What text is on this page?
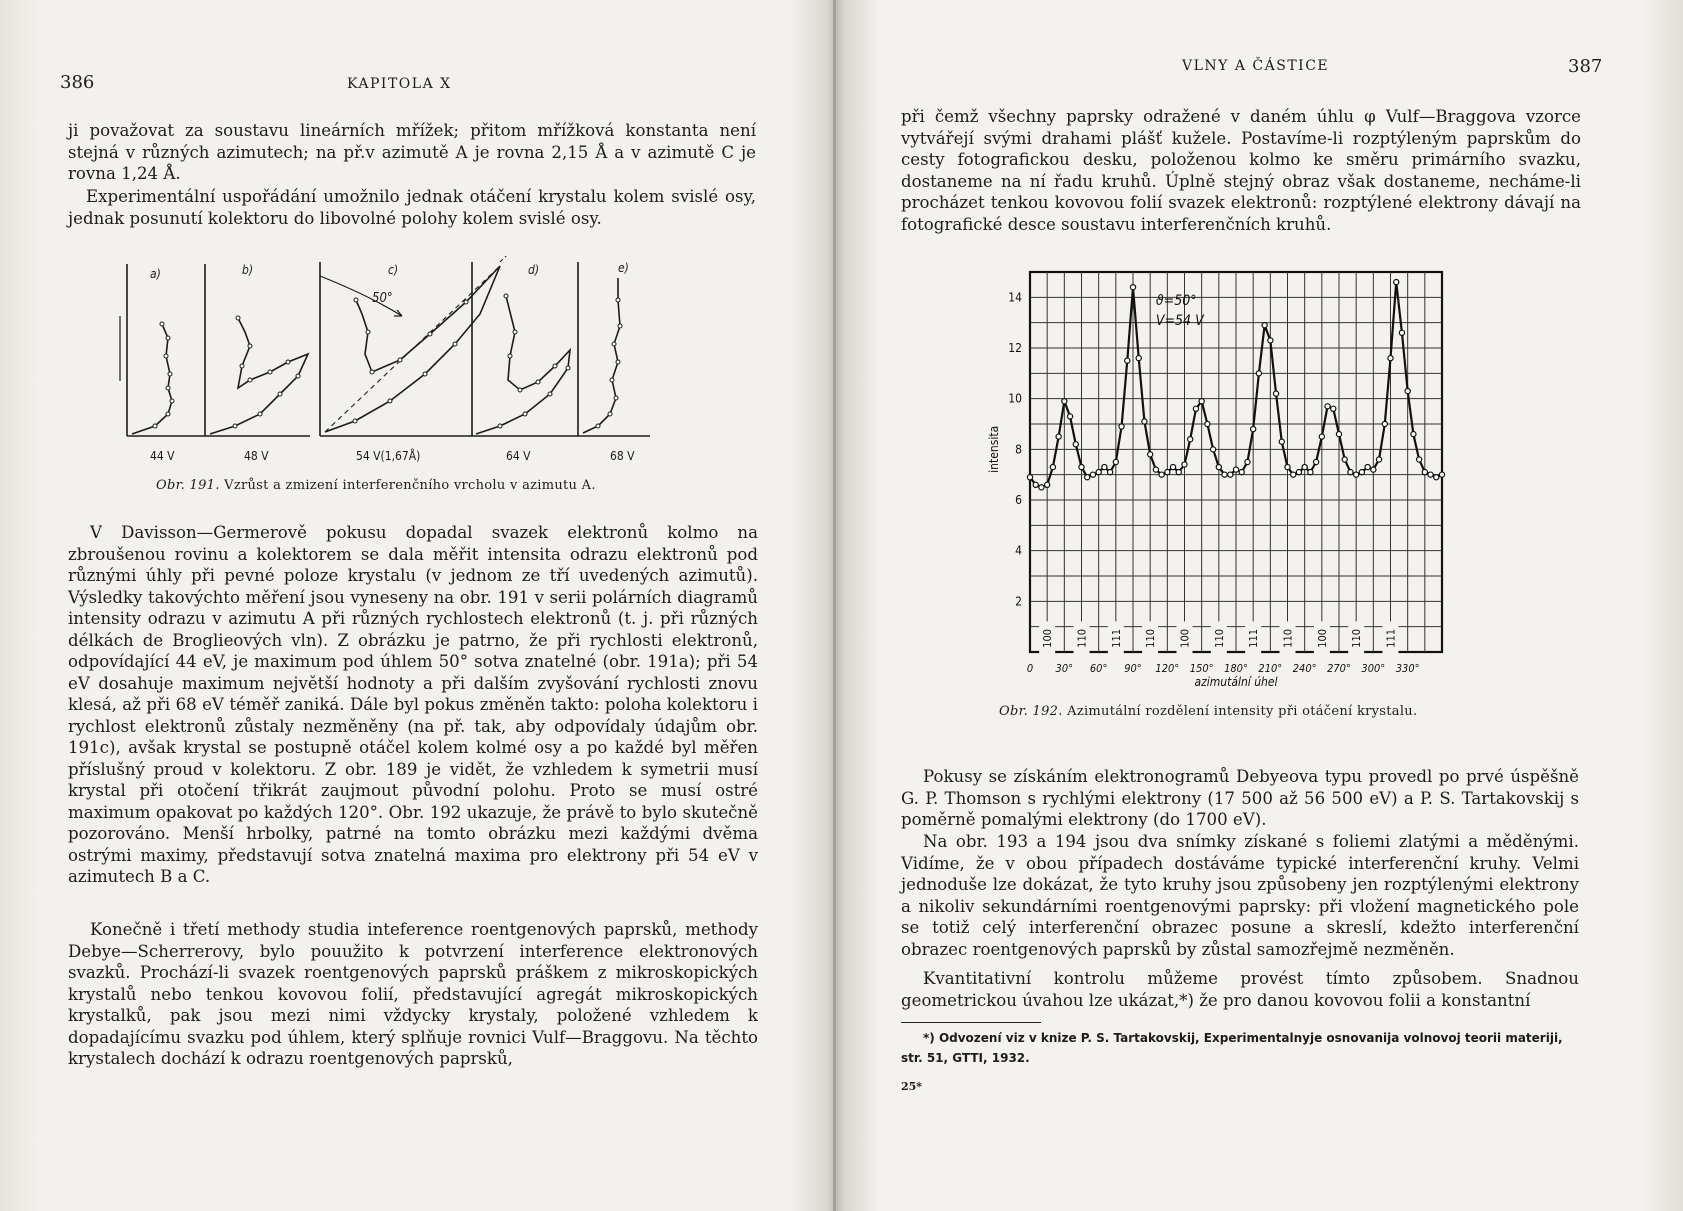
386	KAPITOLA X

ji považovat za soustavu lineárních mřížek; přitom mřížková konstanta není stejná v různých azimutech; na př.v azimutě A je rovna 2,15 Å a v azimutě C je rovna 1,24 Å.

Experimentální uspořádání umožnilo jednak otáčení krystalu kolem svislé osy, jednak posunutí kolektoru do libovolné polohy kolem svislé osy.

a)	b)	c)	d)	e)
50°
44 V	48 V	54 V(1,67Å)	64 V	68 V
Obr. 191. Vzrůst a zmizení interferenčního vrcholu v azimutu A.

V Davisson—Germerově pokusu dopadal svazek elektronů kolmo na zbroušenou rovinu a kolektorem se dala měřit intensita odrazu elektronů pod různými úhly při pevné poloze krystalu (v jednom ze tří uvedených azimutů). Výsledky takovýchto měření jsou vyneseny na obr. 191 v serii polárních diagramů intensity odrazu v azimutu A při různých rychlostech elektronů (t. j. při různých délkách de Broglieových vln). Z obrázku je patrno, že při rychlosti elektronů, odpovídající 44 eV, je maximum pod úhlem 50° sotva znatelné (obr. 191a); při 54 eV dosahuje maximum největší hodnoty a při dalším zvyšování rychlosti znovu klesá, až při 68 eV téměř zaniká. Dále byl pokus změněn takto: poloha kolektoru i rychlost elektronů zůstaly nezměněny (na př. tak, aby odpovídaly údajům obr. 191c), avšak krystal se postupně otáčel kolem kolmé osy a po každé byl měřen příslušný proud v kolektoru. Z obr. 189 je vidět, že vzhledem k symetrii musí krystal při otočení třikrát zaujmout původní polohu. Proto se musí ostré maximum opakovat po každých 120°. Obr. 192 ukazuje, že právě to bylo skutečně pozorováno. Menší hrbolky, patrné na tomto obrázku mezi každými dvěma ostrými maximy, představují sotva znatelná maxima pro elektrony při 54 eV v azimutech B a C.

Konečně i třetí methody studia inteference roentgenových paprsků, methody Debye—Scherrerovy, bylo pouužito k potvrzení interference elektronových svazků. Prochází-li svazek roentgenových paprsků práškem z mikroskopických krystalů nebo tenkou kovovou folií, představující agregát mikroskopických krystalků, pak jsou mezi nimi vždycky krystaly, položené vzhledem k dopadajícímu svazku pod úhlem, který splňuje rovnici Vulf—Braggovu. Na těchto krystalech dochází k odrazu roentgenových paprsků,

VLNY A ČÁSTICE	387

při čemž všechny paprsky odražené v daném úhlu φ Vulf—Braggova vzorce vytvářejí svými drahami plášť kužele. Postavíme-li rozptýleným paprskům do cesty fotografickou desku, položenou kolmo ke směru primárního svazku, dostaneme na ní řadu kruhů. Úplně stejný obraz však dostaneme, necháme-li procházet tenkou kovovou folií svazek elektronů: rozptýlené elektrony dávají na fotografické desce soustavu interferenčních kruhů.

2
4
6
8
10
12
14
0 30° 60° 90° 120° 150° 180° 210° 240° 270° 300° 330°
azimutální úhel
intensita
ϑ=50°
V=54 V
100 110 111 110 100 110 111 110 100 110 111
Obr. 192. Azimutální rozdělení intensity při otáčení krystalu.

Pokusy se získáním elektronogramů Debyeova typu provedl po prvé úspěšně G. P. Thomson s rychlými elektrony (17 500 až 56 500 eV) a P. S. Tartakovskij s poměrně pomalými elektrony (do 1700 eV).

Na obr. 193 a 194 jsou dva snímky získané s foliemi zlatými a měděnými. Vidíme, že v obou případech dostáváme typické interferenční kruhy. Velmi jednoduše lze dokázat, že tyto kruhy jsou způsobeny jen rozptýlenými elektrony a nikoliv sekundárními roentgenovými paprsky: při vložení magnetického pole se totiž celý interferenční obrazec posune a skreslí, kdežto interferenční obrazec roentgenových paprsků by zůstal samozřejmě nezměněn.

Kvantitativní kontrolu můžeme provést tímto způsobem. Snadnou geometrickou úvahou lze ukázat,*) že pro danou kovovou folii a konstantní

*) Odvození viz v knize P. S. Tartakovskij, Experimentalnyje osnovanija volnovoj teorii materiji, str. 51, GTTI, 1932.
25*
